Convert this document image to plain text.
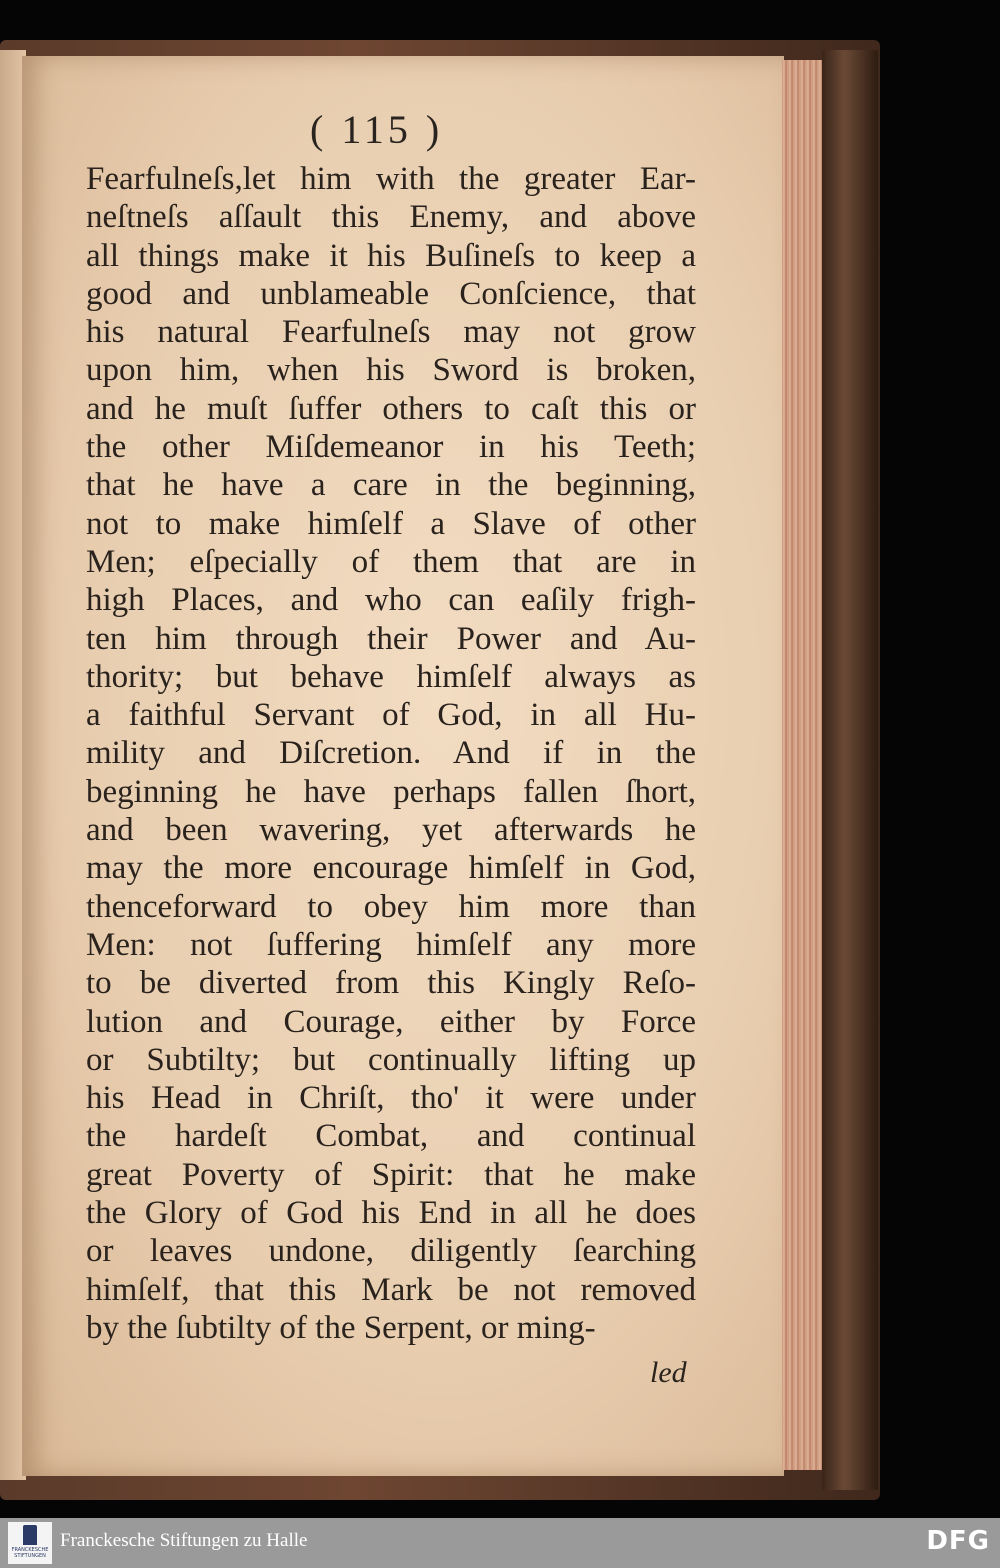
( 115 )
Fearfulneſs,let him with the greater Ear-
neſtneſs aſſault this Enemy, and above
all things make it his Buſineſs to keep a
good and unblameable Conſcience, that
his natural Fearfulneſs may not grow
upon him, when his Sword is broken,
and he muſt ſuffer others to caſt this or
the other Miſdemeanor in his Teeth;
that he have a care in the beginning,
not to make himſelf a Slave of other
Men; eſpecially of them that are in
high Places, and who can eaſily frigh-
ten him through their Power and Au-
thority; but behave himſelf always as
a faithful Servant of God, in all Hu-
mility and Diſcretion. And if in the
beginning he have perhaps fallen ſhort,
and been wavering, yet afterwards he
may the more encourage himſelf in God,
thenceforward to obey him more than
Men: not ſuffering himſelf any more
to be diverted from this Kingly Reſo-
lution and Courage, either by Force
or Subtilty; but continually lifting up
his Head in Chriſt, tho' it were under
the hardeſt Combat, and continual
great Poverty of Spirit: that he make
the Glory of God his End in all he does
or leaves undone, diligently ſearching
himſelf, that this Mark be not removed
by the ſubtilty of the Serpent, or ming-
led
FRANCKESCHE STIFTUNGEN
Franckesche Stiftungen zu Halle	DFG
